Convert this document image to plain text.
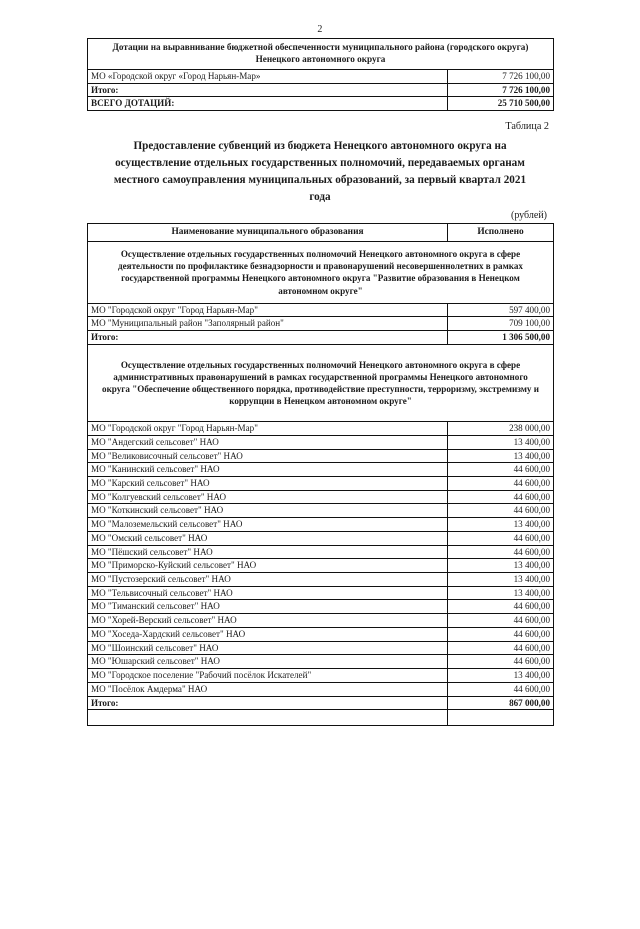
2
Дотации на выравнивание бюджетной обеспеченности муниципального района (городского округа) Ненецкого автономного округа	
МО «Городской округ «Город Нарьян-Мар»	7 726 100,00
Итого:	7 726 100,00
ВСЕГО ДОТАЦИЙ:	25 710 500,00
Таблица 2
Предоставление субвенций из бюджета Ненецкого автономного округа на осуществление отдельных государственных полномочий, передаваемых органам местного самоуправления муниципальных образований, за первый квартал 2021 года
(рублей)
Наименование муниципального образования	Исполнено
Осуществление отдельных государственных полномочий Ненецкого автономного округа в сфере деятельности по профилактике безнадзорности и правонарушений несовершеннолетних в рамках государственной программы Ненецкого автономного округа "Развитие образования в Ненецком автономном округе"	
МО "Городской округ "Город Нарьян-Мар"	597 400,00
МО "Муниципальный район "Заполярный район"	709 100,00
Итого:	1 306 500,00
Осуществление отдельных государственных полномочий Ненецкого автономного округа в сфере административных правонарушений в рамках государственной программы Ненецкого автономного округа "Обеспечение общественного порядка, противодействие преступности, терроризму, экстремизму и коррупции в Ненецком автономном округе"	
МО "Городской округ "Город Нарьян-Мар"	238 000,00
МО "Андегский сельсовет" НАО	13 400,00
МО "Великовисочный сельсовет" НАО	13 400,00
МО "Канинский сельсовет" НАО	44 600,00
МО "Карский сельсовет" НАО	44 600,00
МО "Колгуевский сельсовет" НАО	44 600,00
МО "Коткинский сельсовет" НАО	44 600,00
МО "Малоземельский сельсовет" НАО	13 400,00
МО "Омский сельсовет" НАО	44 600,00
МО "Пёшский сельсовет" НАО	44 600,00
МО "Приморско-Куйский сельсовет" НАО	13 400,00
МО "Пустозерский сельсовет" НАО	13 400,00
МО "Тельвисочный сельсовет" НАО	13 400,00
МО "Тиманский сельсовет" НАО	44 600,00
МО "Хорей-Верский сельсовет" НАО	44 600,00
МО "Хоседа-Хардский сельсовет" НАО	44 600,00
МО "Шоинский сельсовет" НАО	44 600,00
МО "Юшарский сельсовет" НАО	44 600,00
МО "Городское поселение "Рабочий посёлок Искателей"	13 400,00
МО "Посёлок Амдерма" НАО	44 600,00
Итого:	867 000,00
